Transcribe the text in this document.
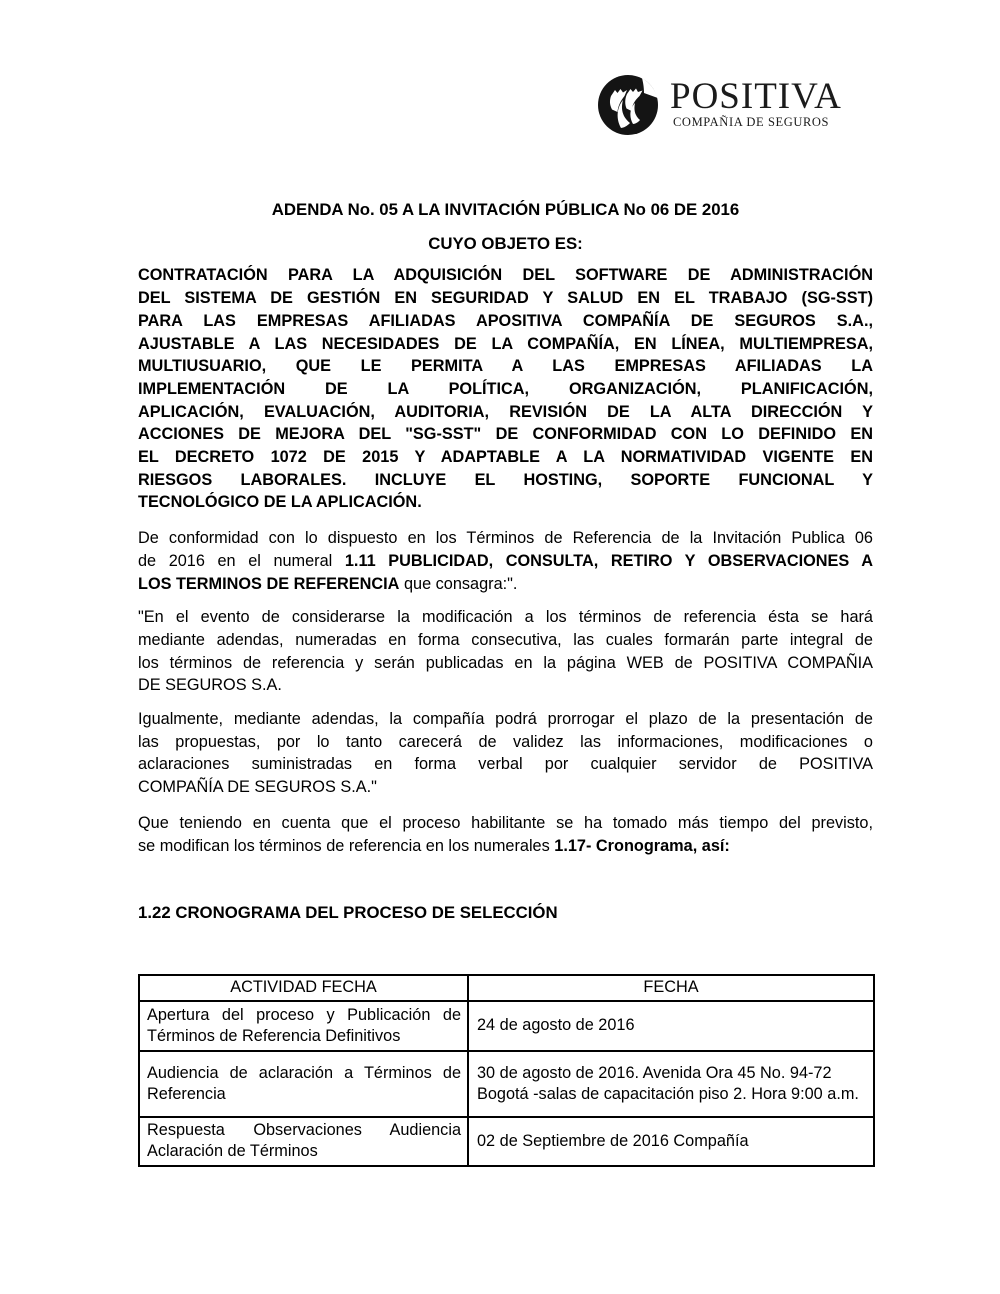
POSITIVA
COMPAÑIA DE SEGUROS

ADENDA No. 05 A LA INVITACIÓN PÚBLICA No 06 DE 2016

CUYO OBJETO ES:

CONTRATACIÓN PARA LA ADQUISICIÓN DEL SOFTWARE DE ADMINISTRACIÓN
DEL SISTEMA DE GESTIÓN EN SEGURIDAD Y SALUD EN EL TRABAJO (SG-SST)
PARA LAS EMPRESAS AFILIADAS APOSITIVA COMPAÑÍA DE SEGUROS S.A.,
AJUSTABLE A LAS NECESIDADES DE LA COMPAÑÍA, EN LÍNEA, MULTIEMPRESA,
MULTIUSUARIO, QUE LE PERMITA A LAS EMPRESAS AFILIADAS LA
IMPLEMENTACIÓN DE LA POLÍTICA, ORGANIZACIÓN, PLANIFICACIÓN,
APLICACIÓN, EVALUACIÓN, AUDITORIA, REVISIÓN DE LA ALTA DIRECCIÓN Y
ACCIONES DE MEJORA DEL "SG-SST" DE CONFORMIDAD CON LO DEFINIDO EN
EL DECRETO 1072 DE 2015 Y ADAPTABLE A LA NORMATIVIDAD VIGENTE EN
RIESGOS LABORALES. INCLUYE EL HOSTING, SOPORTE FUNCIONAL Y
TECNOLÓGICO DE LA APLICACIÓN.

De conformidad con lo dispuesto en los Términos de Referencia de la Invitación Publica 06
de 2016 en el numeral 1.11 PUBLICIDAD, CONSULTA, RETIRO Y OBSERVACIONES A
LOS TERMINOS DE REFERENCIA que consagra:".

"En el evento de considerarse la modificación a los términos de referencia ésta se hará
mediante adendas, numeradas en forma consecutiva, las cuales formarán parte integral de
los términos de referencia y serán publicadas en la página WEB de POSITIVA COMPAÑIA
DE SEGUROS S.A.

Igualmente, mediante adendas, la compañía podrá prorrogar el plazo de la presentación de
las propuestas, por lo tanto carecerá de validez las informaciones, modificaciones o
aclaraciones suministradas en forma verbal por cualquier servidor de POSITIVA
COMPAÑÍA DE SEGUROS S.A."

Que teniendo en cuenta que el proceso habilitante se ha tomado más tiempo del previsto,
se modifican los términos de referencia en los numerales 1.17- Cronograma, así:

1.22 CRONOGRAMA DEL PROCESO DE SELECCIÓN
ACTIVIDAD FECHA	FECHA
Apertura del proceso y Publicación de Términos de Referencia Definitivos	24 de agosto de 2016
Audiencia de aclaración a Términos de Referencia	30 de agosto de 2016. Avenida Ora 45 No. 94-72 Bogotá -salas de capacitación piso 2. Hora 9:00 a.m.
Respuesta Observaciones Audiencia Aclaración de Términos	02 de Septiembre de 2016 Compañía
